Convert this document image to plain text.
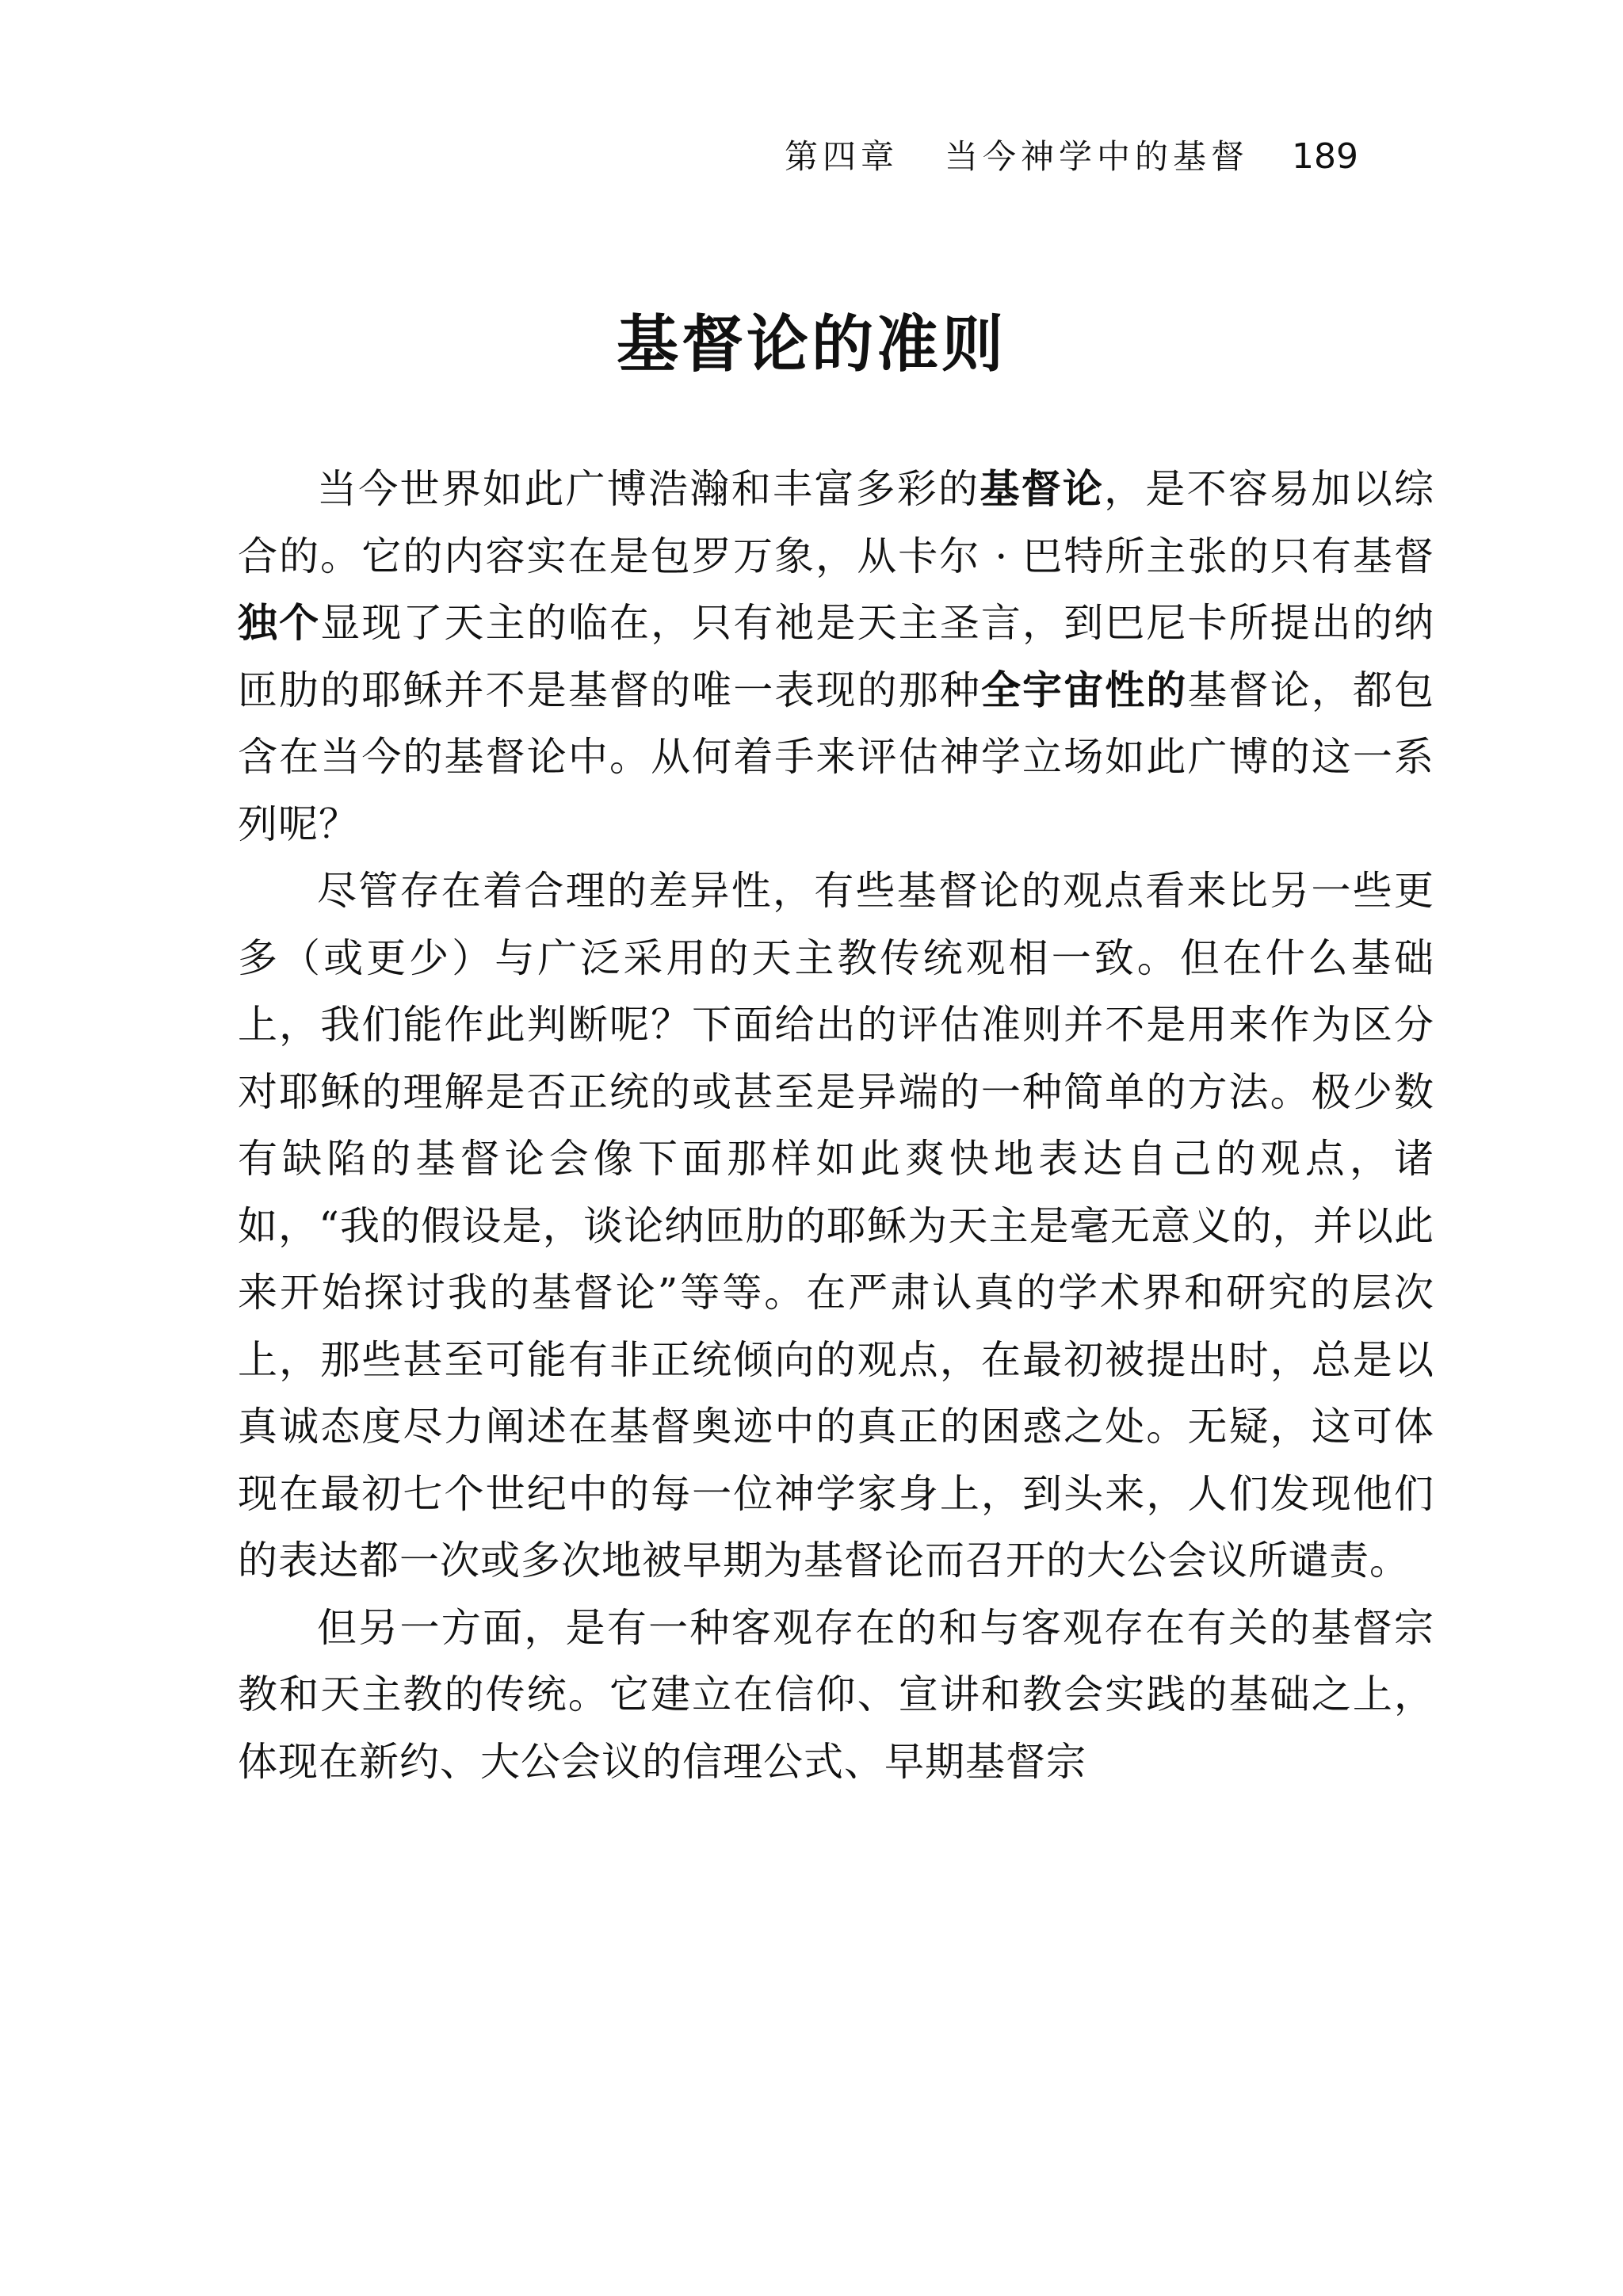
第四章 当今神学中的基督 189
基督论的准则

当今世界如此广博浩瀚和丰富多彩的基督论，是不容易加以综合的。它的内容实在是包罗万象，从卡尔 · 巴特所主张的只有基督独个显现了天主的临在，只有祂是天主圣言，到巴尼卡所提出的纳匝肋的耶稣并不是基督的唯一表现的那种全宇宙性的基督论，都包含在当今的基督论中。从何着手来评估神学立场如此广博的这一系列呢？

尽管存在着合理的差异性，有些基督论的观点看来比另一些更多（或更少）与广泛采用的天主教传统观相一致。但在什么基础上，我们能作此判断呢？下面给出的评估准则并不是用来作为区分对耶稣的理解是否正统的或甚至是异端的一种简单的方法。极少数有缺陷的基督论会像下面那样如此爽快地表达自己的观点，诸如，“我的假设是，谈论纳匝肋的耶稣为天主是毫无意义的，并以此来开始探讨我的基督论”等等。在严肃认真的学术界和研究的层次上，那些甚至可能有非正统倾向的观点，在最初被提出时，总是以真诚态度尽力阐述在基督奥迹中的真正的困惑之处。无疑，这可体现在最初七个世纪中的每一位神学家身上，到头来，人们发现他们的表达都一次或多次地被早期为基督论而召开的大公会议所谴责。

但另一方面，是有一种客观存在的和与客观存在有关的基督宗教和天主教的传统。它建立在信仰、宣讲和教会实践的基础之上，体现在新约、大公会议的信理公式、早期基督宗
